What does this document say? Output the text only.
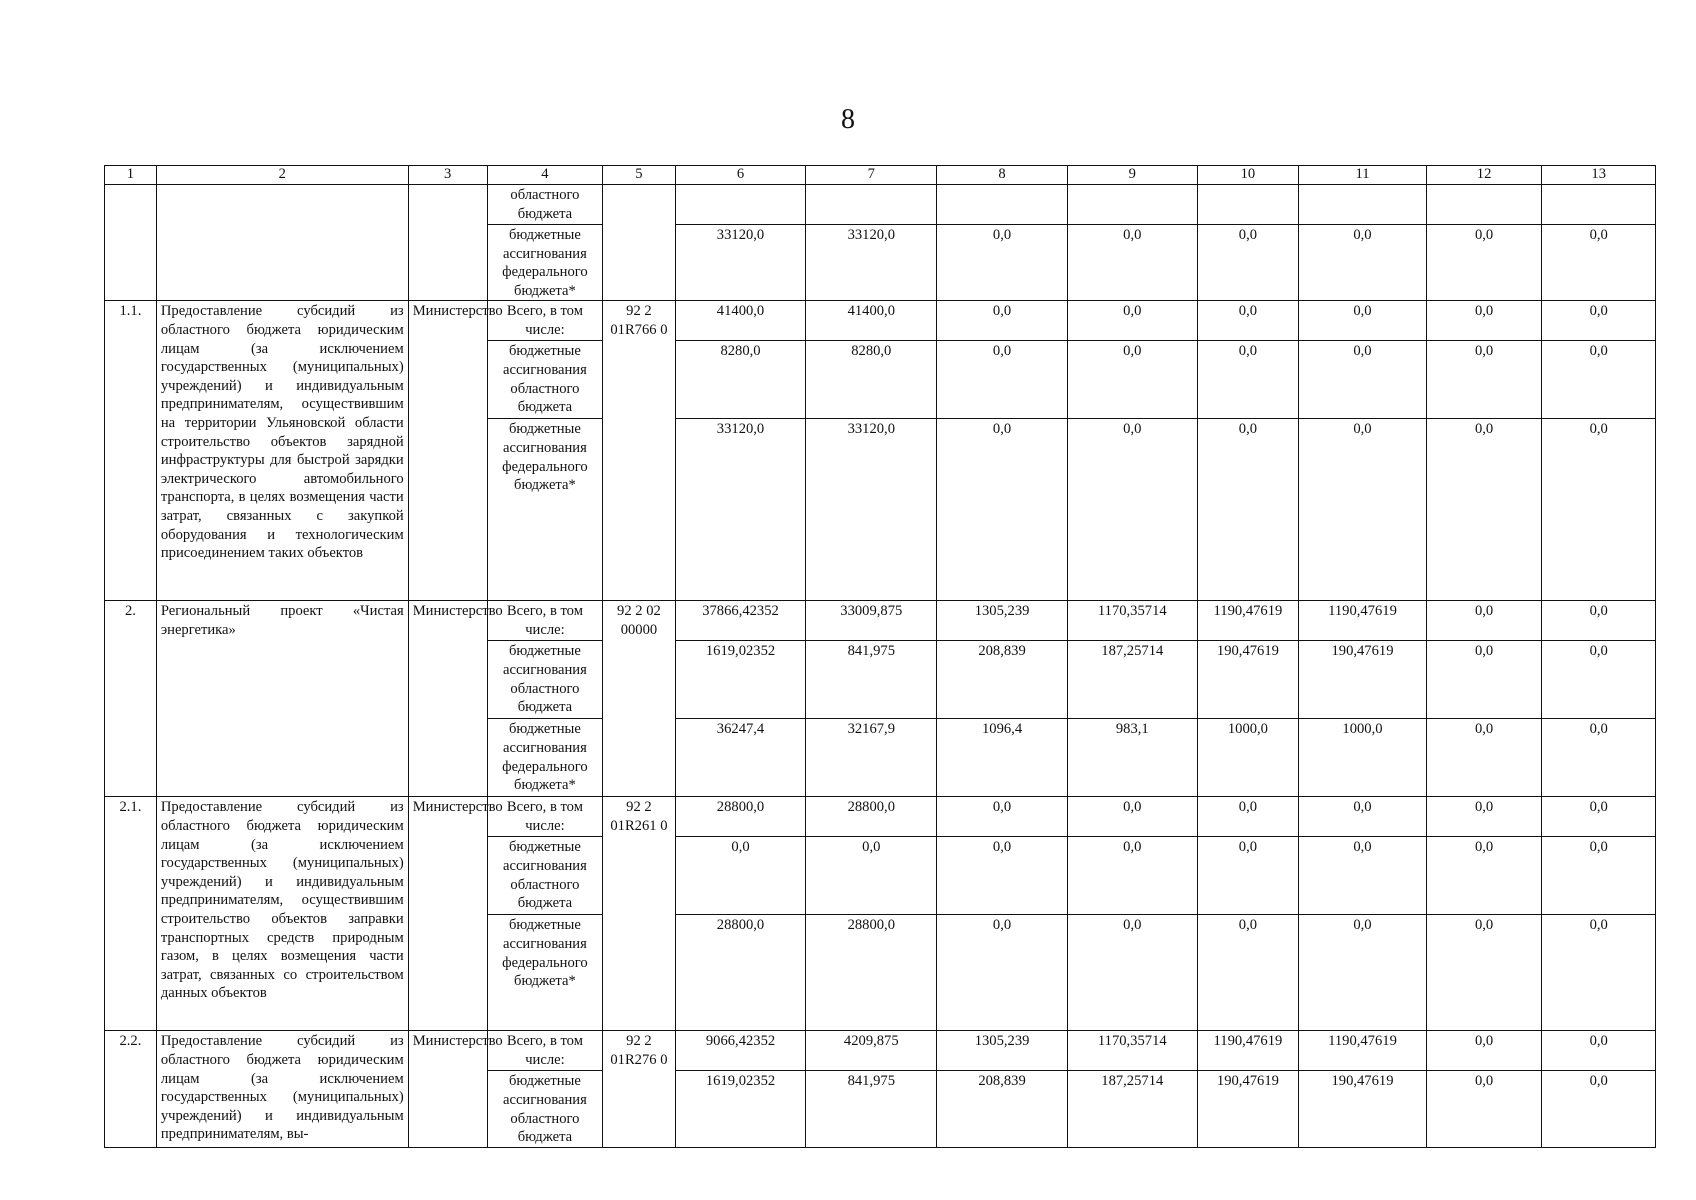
8
1	2	3	4	5	6	7	8	9	10	11	12	13
			областного бюджета									
			бюджетные ассигнования федерального бюджета*		33120,0	33120,0	0,0	0,0	0,0	0,0	0,0	0,0
1.1.	Предоставление субсидий из областного бюджета юридическим лицам (за исключением государственных (муниципальных) учреждений) и индивидуальным предпринимателям, осуществившим на территории Ульяновской области строительство объектов зарядной инфраструктуры для быстрой зарядки электрического автомобильного транспорта, в целях возмещения части затрат, связанных с закупкой оборудования и технологическим присоединением таких объектов	Министерство	Всего, в том числе:	92 2 01R766 0	41400,0	41400,0	0,0	0,0	0,0	0,0	0,0	0,0
			бюджетные ассигнования областного бюджета		8280,0	8280,0	0,0	0,0	0,0	0,0	0,0	0,0
			бюджетные ассигнования федерального бюджета*		33120,0	33120,0	0,0	0,0	0,0	0,0	0,0	0,0
2.	Региональный проект «Чистая энергетика»	Министерство	Всего, в том числе:	92 2 02 00000	37866,42352	33009,875	1305,239	1170,35714	1190,47619	1190,47619	0,0	0,0
			бюджетные ассигнования областного бюджета		1619,02352	841,975	208,839	187,25714	190,47619	190,47619	0,0	0,0
			бюджетные ассигнования федерального бюджета*		36247,4	32167,9	1096,4	983,1	1000,0	1000,0	0,0	0,0
2.1.	Предоставление субсидий из областного бюджета юридическим лицам (за исключением государственных (муниципальных) учреждений) и индивидуальным предпринимателям, осуществившим строительство объектов заправки транспортных средств природным газом, в целях возмещения части затрат, связанных со строительством данных объектов	Министерство	Всего, в том числе:	92 2 01R261 0	28800,0	28800,0	0,0	0,0	0,0	0,0	0,0	0,0
			бюджетные ассигнования областного бюджета		0,0	0,0	0,0	0,0	0,0	0,0	0,0	0,0
			бюджетные ассигнования федерального бюджета*		28800,0	28800,0	0,0	0,0	0,0	0,0	0,0	0,0
2.2.	Предоставление субсидий из областного бюджета юридическим лицам (за исключением государственных (муниципальных) учреждений) и индивидуальным предпринимателям, вы-	Министерство	Всего, в том числе:	92 2 01R276 0	9066,42352	4209,875	1305,239	1170,35714	1190,47619	1190,47619	0,0	0,0
			бюджетные ассигнования областного бюджета		1619,02352	841,975	208,839	187,25714	190,47619	190,47619	0,0	0,0
